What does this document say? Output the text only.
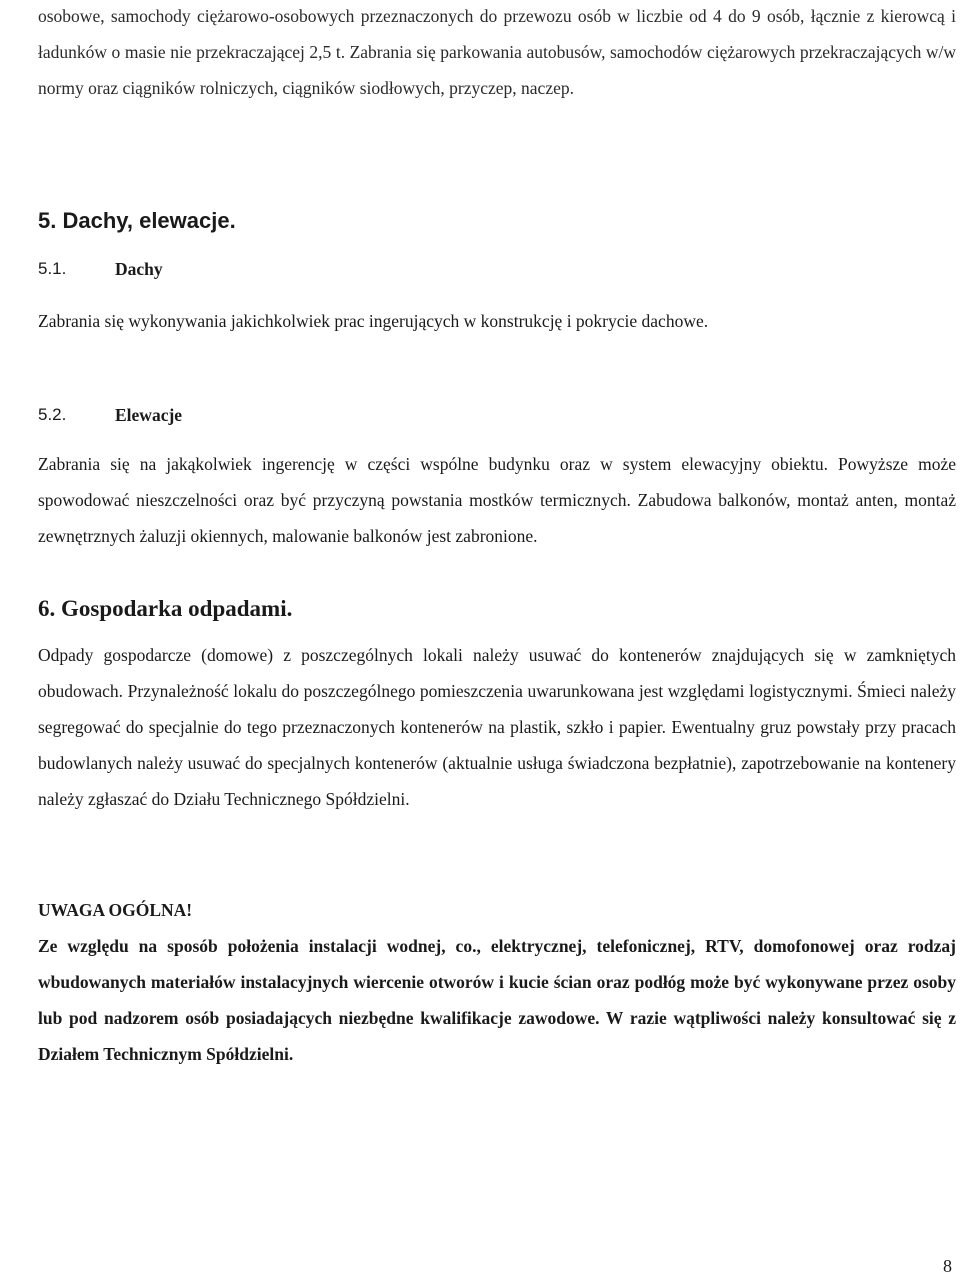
osobowe, samochody ciężarowo-osobowych przeznaczonych do przewozu osób w liczbie od 4 do 9 osób, łącznie z kierowcą i ładunków o masie nie przekraczającej 2,5 t. Zabrania się parkowania autobusów, samochodów ciężarowych przekraczających w/w normy oraz ciągników rolniczych, ciągników siodłowych, przyczep, naczep.

5. Dachy, elewacje.
5.1.	Dachy

Zabrania się wykonywania jakichkolwiek prac ingerujących w konstrukcję i pokrycie dachowe.

5.2.	Elewacje

Zabrania się na jakąkolwiek ingerencję w części wspólne budynku oraz w system elewacyjny obiektu. Powyższe może spowodować nieszczelności oraz być przyczyną powstania mostków termicznych. Zabudowa balkonów, montaż anten, montaż zewnętrznych żaluzji okiennych, malowanie balkonów jest zabronione.

6. Gospodarka odpadami.

Odpady gospodarcze (domowe) z poszczególnych lokali należy usuwać do kontenerów znajdujących się w zamkniętych obudowach. Przynależność lokalu do poszczególnego pomieszczenia uwarunkowana jest względami logistycznymi. Śmieci należy segregować do specjalnie do tego przeznaczonych kontenerów na plastik, szkło i papier. Ewentualny gruz powstały przy pracach budowlanych należy usuwać do specjalnych kontenerów (aktualnie usługa świadczona bezpłatnie), zapotrzebowanie na kontenery należy zgłaszać do Działu Technicznego Spółdzielni.

UWAGA OGÓLNA!

Ze względu na sposób położenia instalacji wodnej, co., elektrycznej, telefonicznej, RTV, domofonowej oraz rodzaj wbudowanych materiałów instalacyjnych wiercenie otworów i kucie ścian oraz podłóg może być wykonywane przez osoby lub pod nadzorem osób posiadających niezbędne kwalifikacje zawodowe. W razie wątpliwości należy konsultować się z Działem Technicznym Spółdzielni.

8
